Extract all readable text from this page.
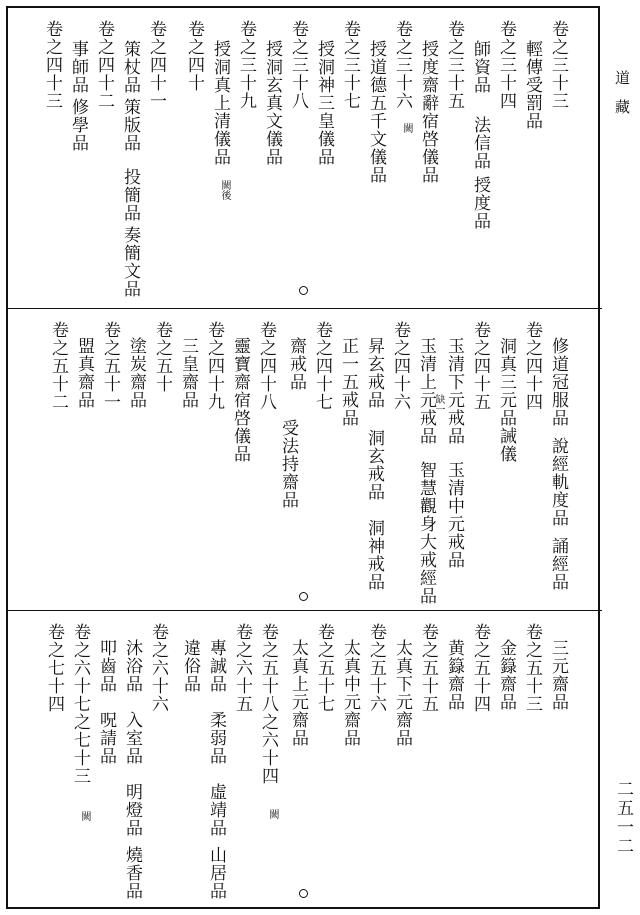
卷之三十三
輕傳受罰品
卷之三十四
師資品
法信品
授度品
卷之三十五
授度齋辭宿啓儀品
卷之三十六
闕
授道德五千文儀品
卷之三十七
授洞神三皇儀品
卷之三十八
授洞玄真文儀品
卷之三十九
授洞真上清儀品
闕後
卷之四十
卷之四十一
策杖品
策版品
投簡品
奏簡文品
卷之四十二
事師品
修學品
卷之四十三
修道冠服品
說經軌度品
誦經品
卷之四十四
洞真三元品誡儀
卷之四十五
玉清下元戒品
玉清中元戒品
缺一
玉清上元戒品
智慧觀身大戒經品
卷之四十六
昇玄戒品
洞玄戒品
洞神戒品
正一五戒品
卷之四十七
齋戒品
受法持齋品
卷之四十八
靈寶齋宿啓儀品
卷之四十九
三皇齋品
卷之五十
塗炭齋品
卷之五十一
盟真齋品
卷之五十二
三元齋品
卷之五十三
金籙齋品
卷之五十四
黄籙齋品
卷之五十五
太真下元齋品
卷之五十六
太真中元齋品
卷之五十七
太真上元齋品
卷之五十八之六十四
闕
卷之六十五
專誠品
柔弱品
虛靖品
山居品
違俗品
卷之六十六
沐浴品
入室品
明燈品
燒香品
叩齒品
呪請品
卷之六十七之七十三
闕
卷之七十四
道藏
二五一二
